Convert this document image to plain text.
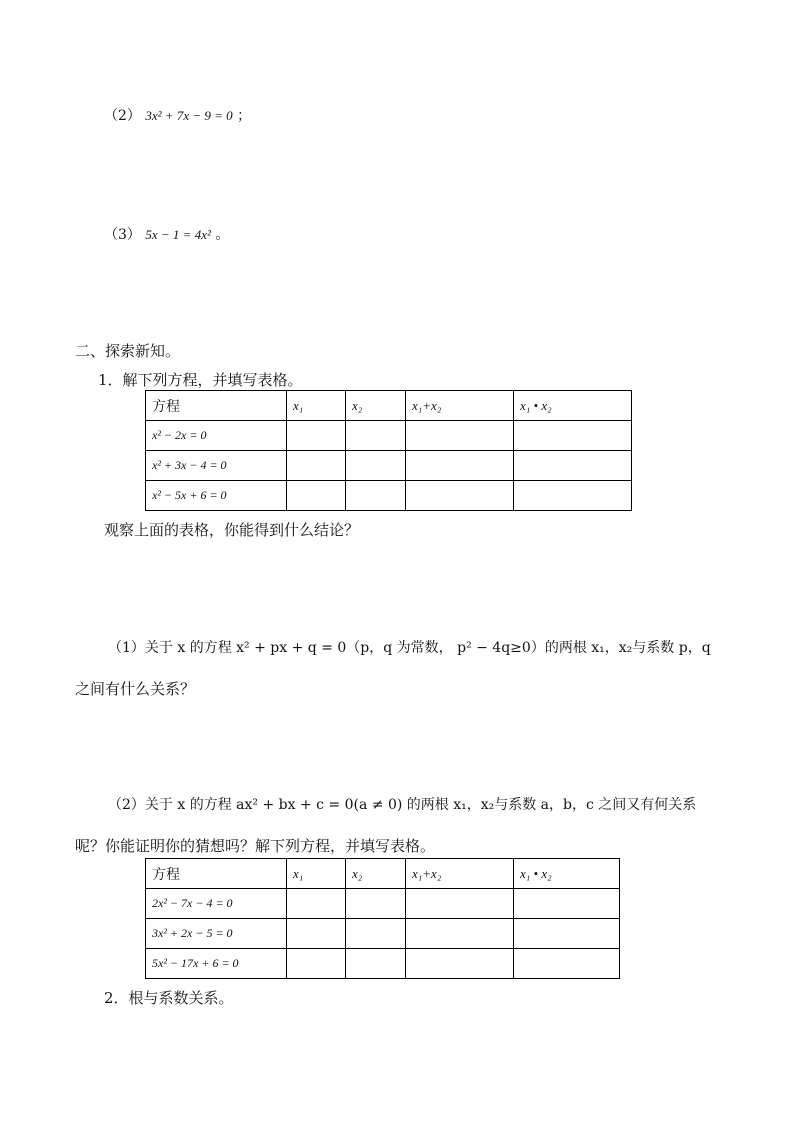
（2） 3x² + 7x − 9 = 0 ；
（3） 5x − 1 = 4x² 。
二、探索新知。
1．解下列方程，并填写表格。
方程	x₁	x₂	x₁+x₂	x₁ • x₂
x² − 2x = 0				
x² + 3x − 4 = 0				
x² − 5x + 6 = 0				
观察上面的表格，你能得到什么结论？
（1）关于 x 的方程 x² + px + q = 0（p，q 为常数， p² − 4q≥0）的两根 x₁，x₂与系数 p，q
之间有什么关系？
（2）关于 x 的方程 ax² + bx + c = 0(a ≠ 0) 的两根 x₁，x₂与系数 a，b，c 之间又有何关系
呢？你能证明你的猜想吗？解下列方程，并填写表格。
方程	x₁	x₂	x₁+x₂	x₁ • x₂
2x² − 7x − 4 = 0				
3x² + 2x − 5 = 0				
5x² − 17x + 6 = 0				
2．根与系数关系。
